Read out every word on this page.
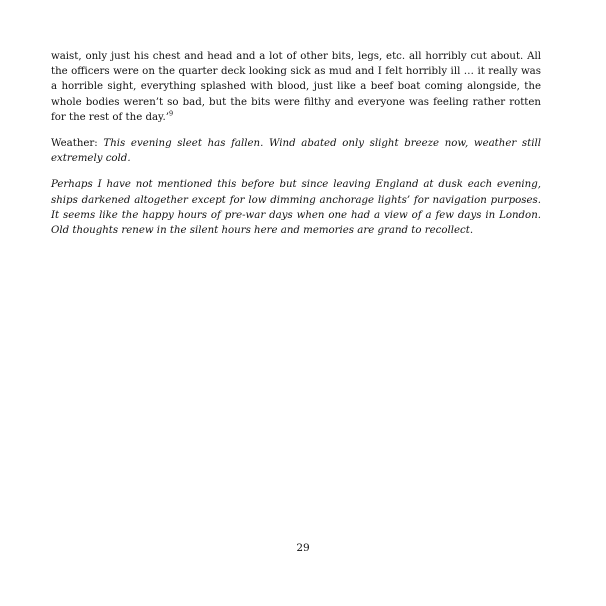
waist, only just his chest and head and a lot of other bits, legs, etc. all horribly cut about. All the officers were on the quarter deck looking sick as mud and I felt horribly ill … it really was a horrible sight, everything splashed with blood, just like a beef boat coming alongside, the whole bodies weren’t so bad, but the bits were filthy and everyone was feeling rather rotten for the rest of the day.’$^9$

Weather: This evening sleet has fallen. Wind abated only slight breeze now, weather still extremely cold.

Perhaps I have not mentioned this before but since leaving England at dusk each evening, ships darkened altogether except for low dimming anchorage lights’ for navigation purposes. It seems like the happy hours of pre-war days when one had a view of a few days in London. Old thoughts renew in the silent hours here and memories are grand to recollect.

29
